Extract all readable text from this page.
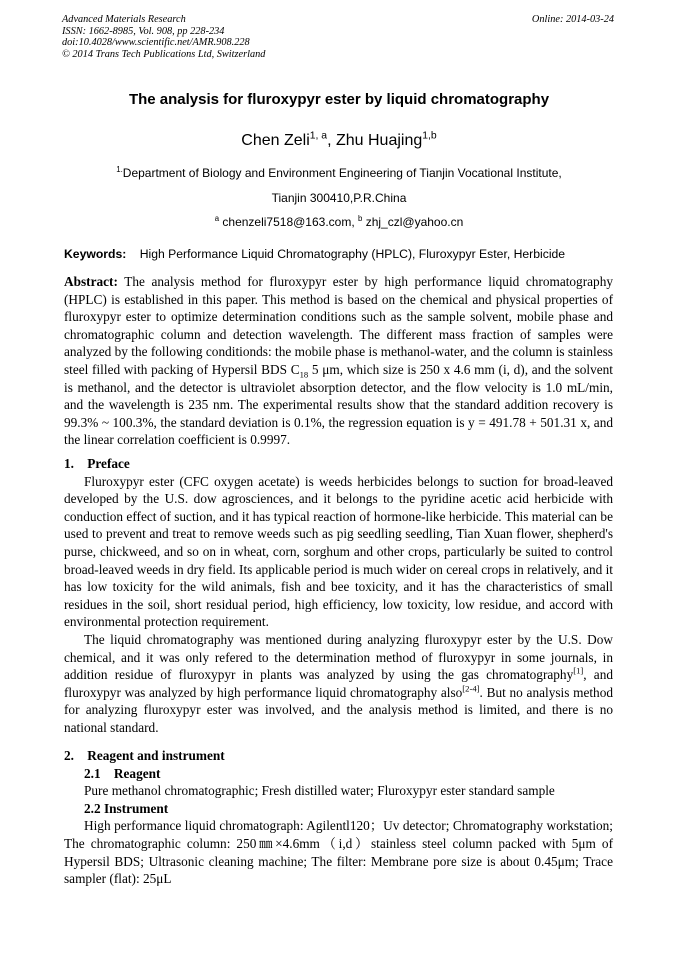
Advanced Materials Research
ISSN: 1662-8985, Vol. 908, pp 228-234
doi:10.4028/www.scientific.net/AMR.908.228
© 2014 Trans Tech Publications Ltd, Switzerland
Online: 2014-03-24
The analysis for fluroxypyr ester by liquid chromatography
Chen Zeli$^{1, a}$, Zhu Huajing$^{1,b}$
$^{1.}$Department of Biology and Environment Engineering of Tianjin Vocational Institute,
Tianjin 300410,P.R.China
$^a$ chenzeli7518@163.com, $^b$ zhj_czl@yahoo.cn
Keywords: High Performance Liquid Chromatography (HPLC), Fluroxypyr Ester, Herbicide

Abstract: The analysis method for fluroxypyr ester by high performance liquid chromatography (HPLC) is established in this paper. This method is based on the chemical and physical properties of fluroxypyr ester to optimize determination conditions such as the sample solvent, mobile phase and chromatographic column and detection wavelength. The different mass fraction of samples were analyzed by the following conditionds: the mobile phase is methanol-water, and the column is stainless steel filled with packing of Hypersil BDS $C_{18}$ 5 μm, which size is 250 x 4.6 mm (i, d), and the solvent is methanol, and the detector is ultraviolet absorption detector, and the flow velocity is 1.0 mL/min, and the wavelength is 235 nm. The experimental results show that the standard addition recovery is 99.3% ~ 100.3%, the standard deviation is 0.1%, the regression equation is y = 491.78 + 501.31 x, and the linear correlation coefficient is 0.9997.

1.    Preface

Fluroxypyr ester (CFC oxygen acetate) is weeds herbicides belongs to suction for broad-leaved developed by the U.S. dow agrosciences, and it belongs to the pyridine acetic acid herbicide with conduction effect of suction, and it has typical reaction of hormone-like herbicide. This material can be used to prevent and treat to remove weeds such as pig seedling seedling, Tian Xuan flower, shepherd's purse, chickweed, and so on in wheat, corn, sorghum and other crops, particularly be suited to control broad-leaved weeds in dry field. Its applicable period is much wider on cereal crops in relatively, and it has low toxicity for the wild animals, fish and bee toxicity, and it has the characteristics of small residues in the soil, short residual period, high efficiency, low toxicity, low residue, and accord with environmental protection requirement.

The liquid chromatography was mentioned during analyzing fluroxypyr ester by the U.S. Dow chemical, and it was only refered to the determination method of fluroxypyr in some journals, in addition residue of fluroxypyr in plants was analyzed by using the gas chromatography[1], and fluroxypyr was analyzed by high performance liquid chromatography also[2-4]. But no analysis method for analyzing fluroxypyr ester was involved, and the analysis method is limited, and there is no national standard.

2.    Reagent and instrument
2.1    Reagent

Pure methanol chromatographic; Fresh distilled water; Fluroxypyr ester standard sample

2.2 Instrument

High performance liquid chromatograph: Agilentl120；Uv detector; Chromatography workstation; The chromatographic column: 250㎜×4.6mm（i,d）stainless steel column packed with 5μm of Hypersil BDS; Ultrasonic cleaning machine; The filter: Membrane pore size is about 0.45μm; Trace sampler (flat): 25μL
